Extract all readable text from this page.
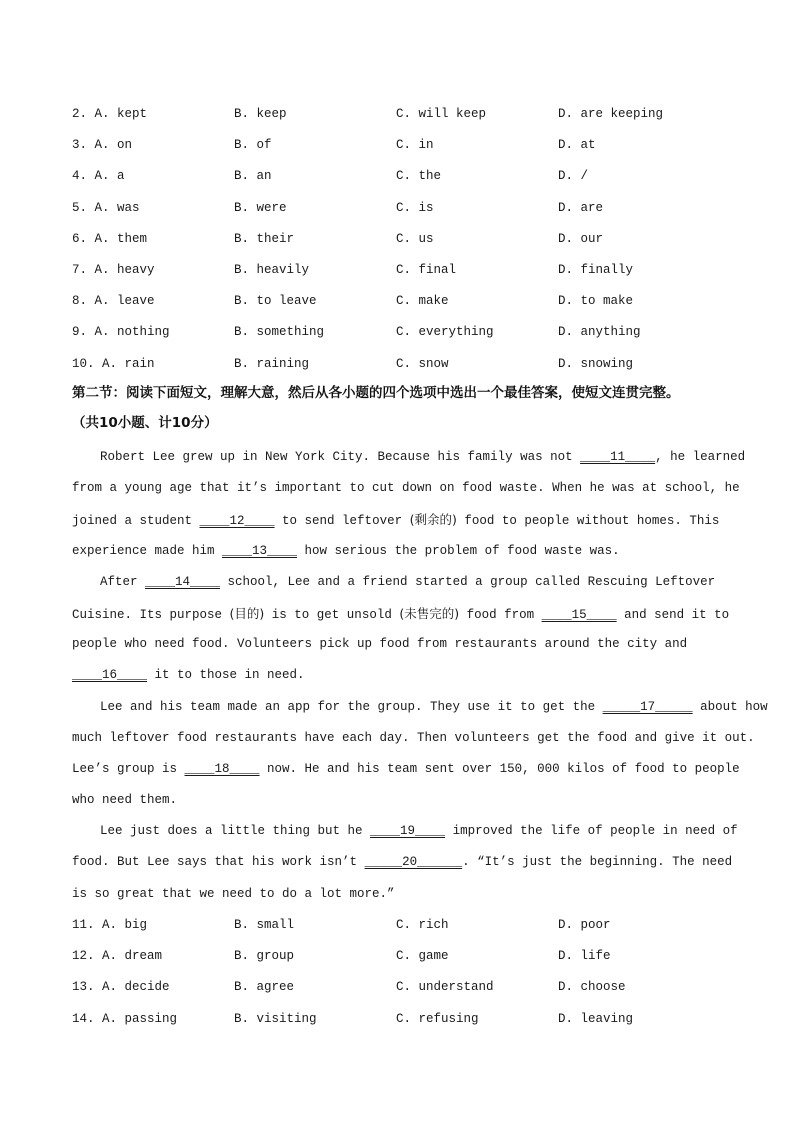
2. A. kept	B. keep	C. will keep	D. are keeping
3. A. on	B. of	C. in	D. at
4. A. a	B. an	C. the	D. /
5. A. was	B. were	C. is	D. are
6. A. them	B. their	C. us	D. our
7. A. heavy	B. heavily	C. final	D. finally
8. A. leave	B. to leave	C. make	D. to make
9. A. nothing	B. something	C. everything	D. anything
10. A. rain	B. raining	C. snow	D. snowing
第二节：阅读下面短文，理解大意，然后从各小题的四个选项中选出一个最佳答案，使短文连贯完整。
（共10小题、计10分）
Robert Lee grew up in New York City. Because his family was not ____11____, he learned
from a young age that it’s important to cut down on food waste. When he was at school, he
joined a student ____12____ to send leftover (剩余的) food to people without homes. This
experience made him ____13____ how serious the problem of food waste was.
After ____14____ school, Lee and a friend started a group called Rescuing Leftover
Cuisine. Its purpose (目的) is to get unsold (未售完的) food from ____15____ and send it to
people who need food. Volunteers pick up food from restaurants around the city and
____16____ it to those in need.
Lee and his team made an app for the group. They use it to get the _____17_____ about how
much leftover food restaurants have each day. Then volunteers get the food and give it out.
Lee’s group is ____18____ now. He and his team sent over 150, 000 kilos of food to people
who need them.
Lee just does a little thing but he ____19____ improved the life of people in need of
food. But Lee says that his work isn’t _____20______. “It’s just the beginning. The need
is so great that we need to do a lot more.”
11. A. big	B. small	C. rich	D. poor
12. A. dream	B. group	C. game	D. life
13. A. decide	B. agree	C. understand	D. choose
14. A. passing	B. visiting	C. refusing	D. leaving
